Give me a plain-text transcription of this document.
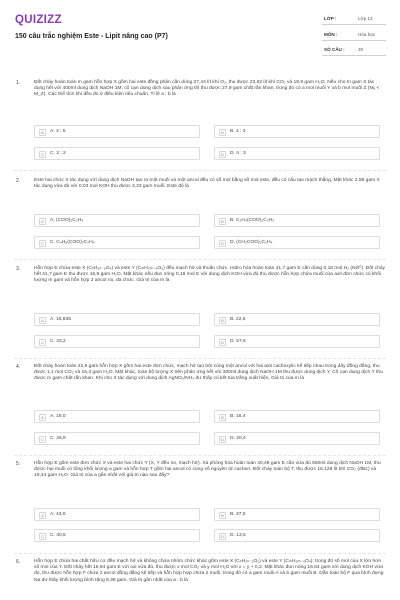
QUIZIZZ
150 câu trắc nghiệm Este - Lipit nâng cao (P7)
LỚP :	Lớp 12
MÔN :	Hóa học
SỐ CÂU :	20
1.	Đốt cháy hoàn toàn m gam hỗn hợp X gồm hai este đồng phân cần dùng 27,44 lít khí O₂, thu được 23,52 lít khí CO₂ và 18,9 gam H₂O. Nếu cho m gam X tác dụng hết với 400ml dung dịch NaOH 1M, cô cạn dung dịch sau phản ứng thì thu được 27,9 gam chất rắn khan, trong đó có a mol muối Y và b mol muối Z (Mᵧ < M_Z). Các thể tích khí đều đo ở điều kiện tiêu chuẩn. Tỉ lệ a : b là
A	A. 3 : 5	B	B. 2 : 3
C	C. 3 : 2	D	D. 4 : 3
2.	Este hai chức X tác dụng với dung dịch NaOH tạo ra một muối và một ancol đều có số mol bằng số mol este, đều có cấu tạo mạch thẳng. Mặt khác 2,58 gam X tác dụng vừa đủ với 0,03 mol KOH thu được 3,33 gam muối. Este đó là
A	A. (COO)₂C₂H₄	B	B. C₂H₄(COO)₂C₂H₅
C	C. C₄H₈(COO)₂C₂H₄	D	D. (CH₂COO)₂C₂H₄
3.	Hỗn hợp E chứa este X (CₙH₂ₙ₋₆O₄) và este Y (CₘH₂ₘ₋₄O₆) đều mạch hở và thuần chức. Hidro hóa hoàn toàn 41,7 gam E cần dùng 0,18 mol H₂ (Ni/t⁰). Đốt cháy hết 41,7 gam E thu được 18,9 gam H₂O. Mặt khác nếu đun nóng 0,18 mol E với dung dịch KOH vừa đủ thu được hỗn hợp chứa muối của axit đơn chức có khối lượng m gam và hỗn hợp 2 ancol no, đa chức. Giá trị của m là
A	A. 16,835	B	B. 22,5
C	C. 43,2	D	D. 57,6
4.	Đốt cháy hoàn toàn 22,9 gam hỗn hợp X gồm hai este đơn chức, mạch hở tạo bởi cùng một ancol với hai axit cacboxylic kế tiếp nhau trong dãy đồng đẳng, thu được 1,1 mol CO₂ và 15,3 gam H₂O. Mặt khác, toàn bộ lượng X trên phản ứng hết với 300ml dung dịch NaOH 1M thu được dung dịch Y. Cô cạn dung dịch Y thu được m gam chất rắn khan. Khi cho X tác dụng với dung dịch AgNO₃/NH₃ dư thấy có kết tủa trắng xuất hiện. Giá trị của m là
A	A. 19,0	B	B. 18,4
C	C. 26,9	D	D. 20,4
5.	Hỗn hợp E gồm este đơn chức X và este hai chức Y (X, Y đều no, mạch hở). Xà phòng hóa hoàn toàn 40,48 gam E cần vừa đủ 560ml dung dịch NaOH 1M, thu được hai muối có tổng khối lượng a gam và hỗn hợp T gồm hai ancol có cùng số nguyên tử cacbon. Đốt cháy toàn bộ T, thu được 16,128 lít khí CO₂ (đktc) và 19,44 gam H₂O. Giá trị của a gần nhất với giá trị nào sau đây?
A	A. 43,0	B	B. 37,0
C	C. 40,5	D	D. 13,5
6.	Hỗn hợp E chứa hai chất hữu cơ đều mạch hở và không chứa nhóm chức khác gồm este X (CₙH₂ₙ₋₂O₂) và este Y (CₘH₂ₘ₋₄O₄); trong đó số mol của X lớn hơn số mol của Y. Đốt cháy hết 16,64 gam E với oxi vừa đủ, thu được x mol CO₂ và y mol H₂O với x = y + 0,2. Mặt khác đun nóng 16,64 gam với dung dịch KOH vừa đủ, thu được hỗn hợp F chứa 2 ancol đồng đẳng kế tiếp và hỗn hợp hợp chứa 2 muối; trong đó có a gam muối A và b gam muối B. Dẫn toàn bộ F qua bình đựng Na dư thấy khối lượng bình tăng 8,36 gam. Giá trị gần nhất của a : b là
